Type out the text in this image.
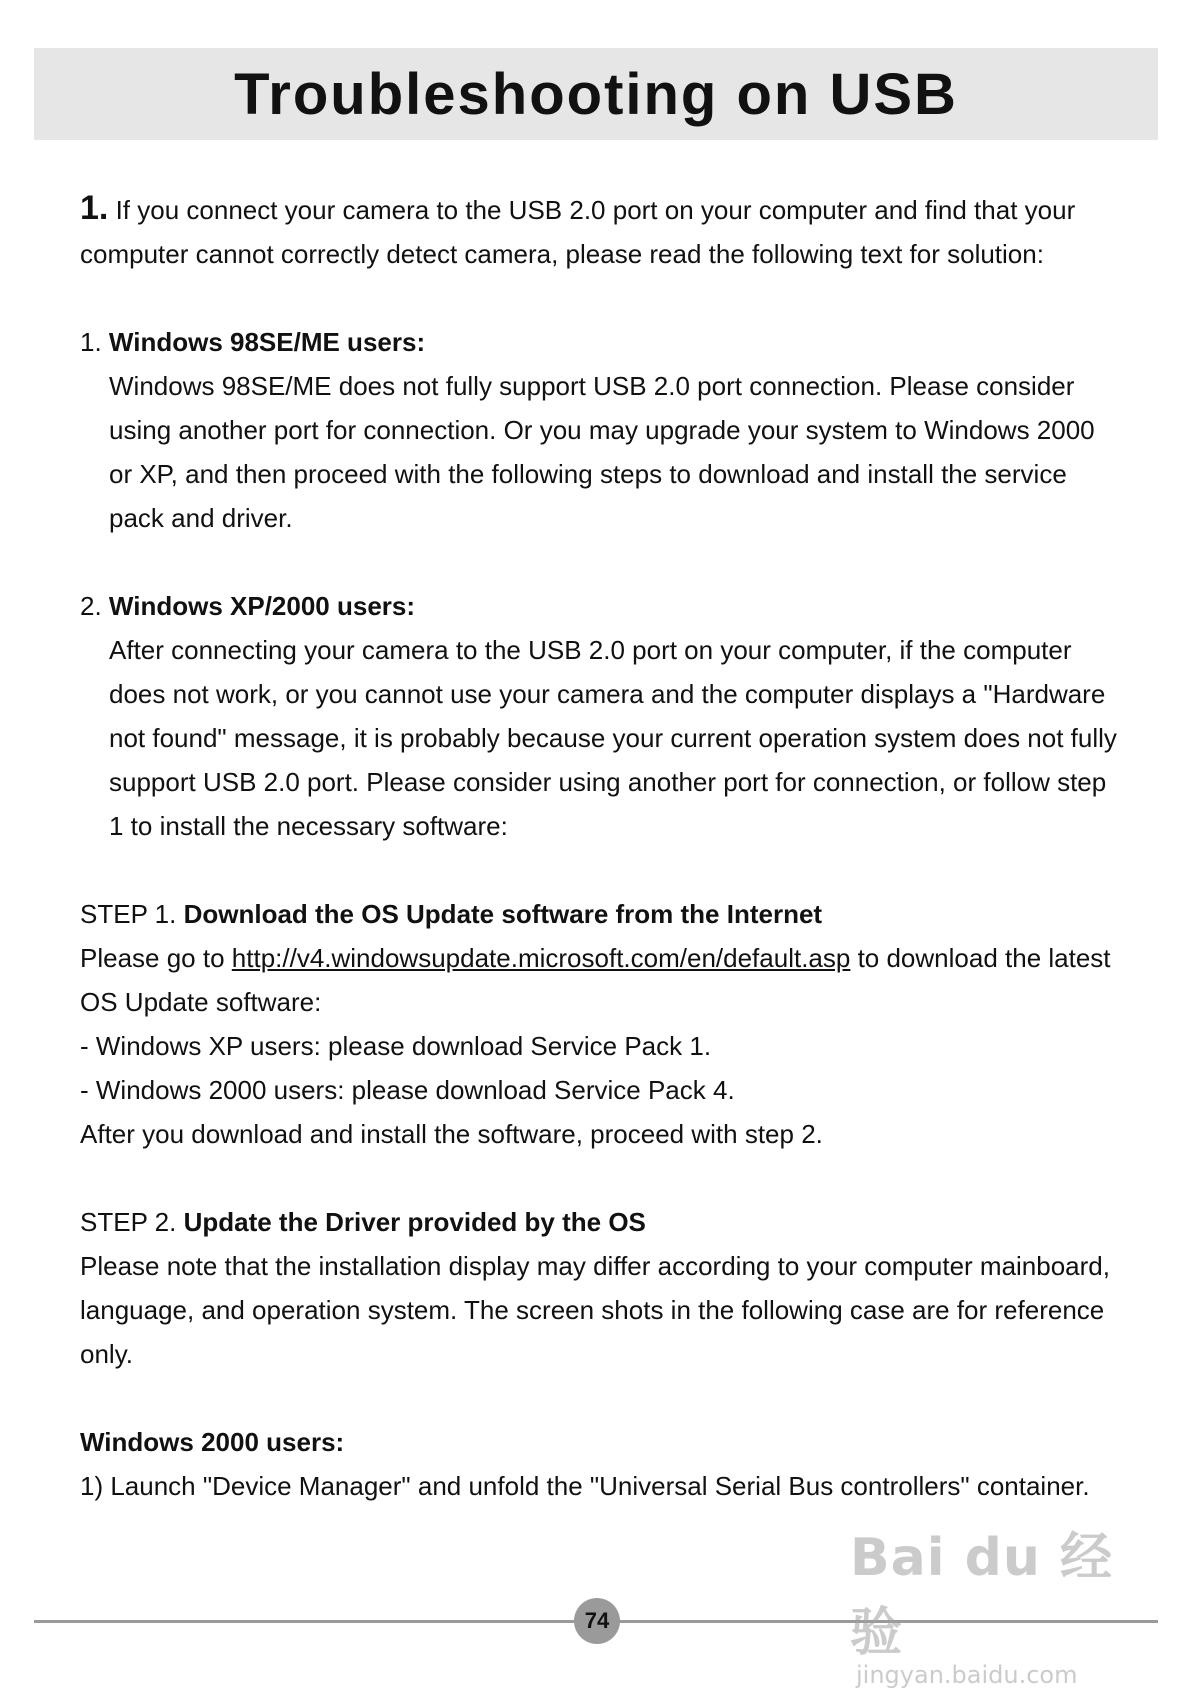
Troubleshooting on USB

1. If you connect your camera to the USB 2.0 port on your computer and find that your computer cannot correctly detect camera, please read the following text for solution:

1. Windows 98SE/ME users:

Windows 98SE/ME does not fully support USB 2.0 port connection. Please consider using another port for connection. Or you may upgrade your system to Windows 2000 or XP, and then proceed with the following steps to download and install the service pack and driver.

2. Windows XP/2000 users:

After connecting your camera to the USB 2.0 port on your computer, if the computer does not work, or you cannot use your camera and the computer displays a "Hardware not found" message, it is probably because your current operation system does not fully support USB 2.0 port. Please consider using another port for connection, or follow step 1 to install the necessary software:

STEP 1. Download the OS Update software from the Internet

Please go to http://v4.windowsupdate.microsoft.com/en/default.asp to download the latest OS Update software:

- Windows XP users: please download Service Pack 1.

- Windows 2000 users: please download Service Pack 4.

After you download and install the software, proceed with step 2.

STEP 2. Update the Driver provided by the OS

Please note that the installation display may differ according to your computer mainboard, language, and operation system. The screen shots in the following case are for reference only.

Windows 2000 users:

1) Launch "Device Manager" and unfold the "Universal Serial Bus controllers" container.

74
Bai du 经验
jingyan.baidu.com
